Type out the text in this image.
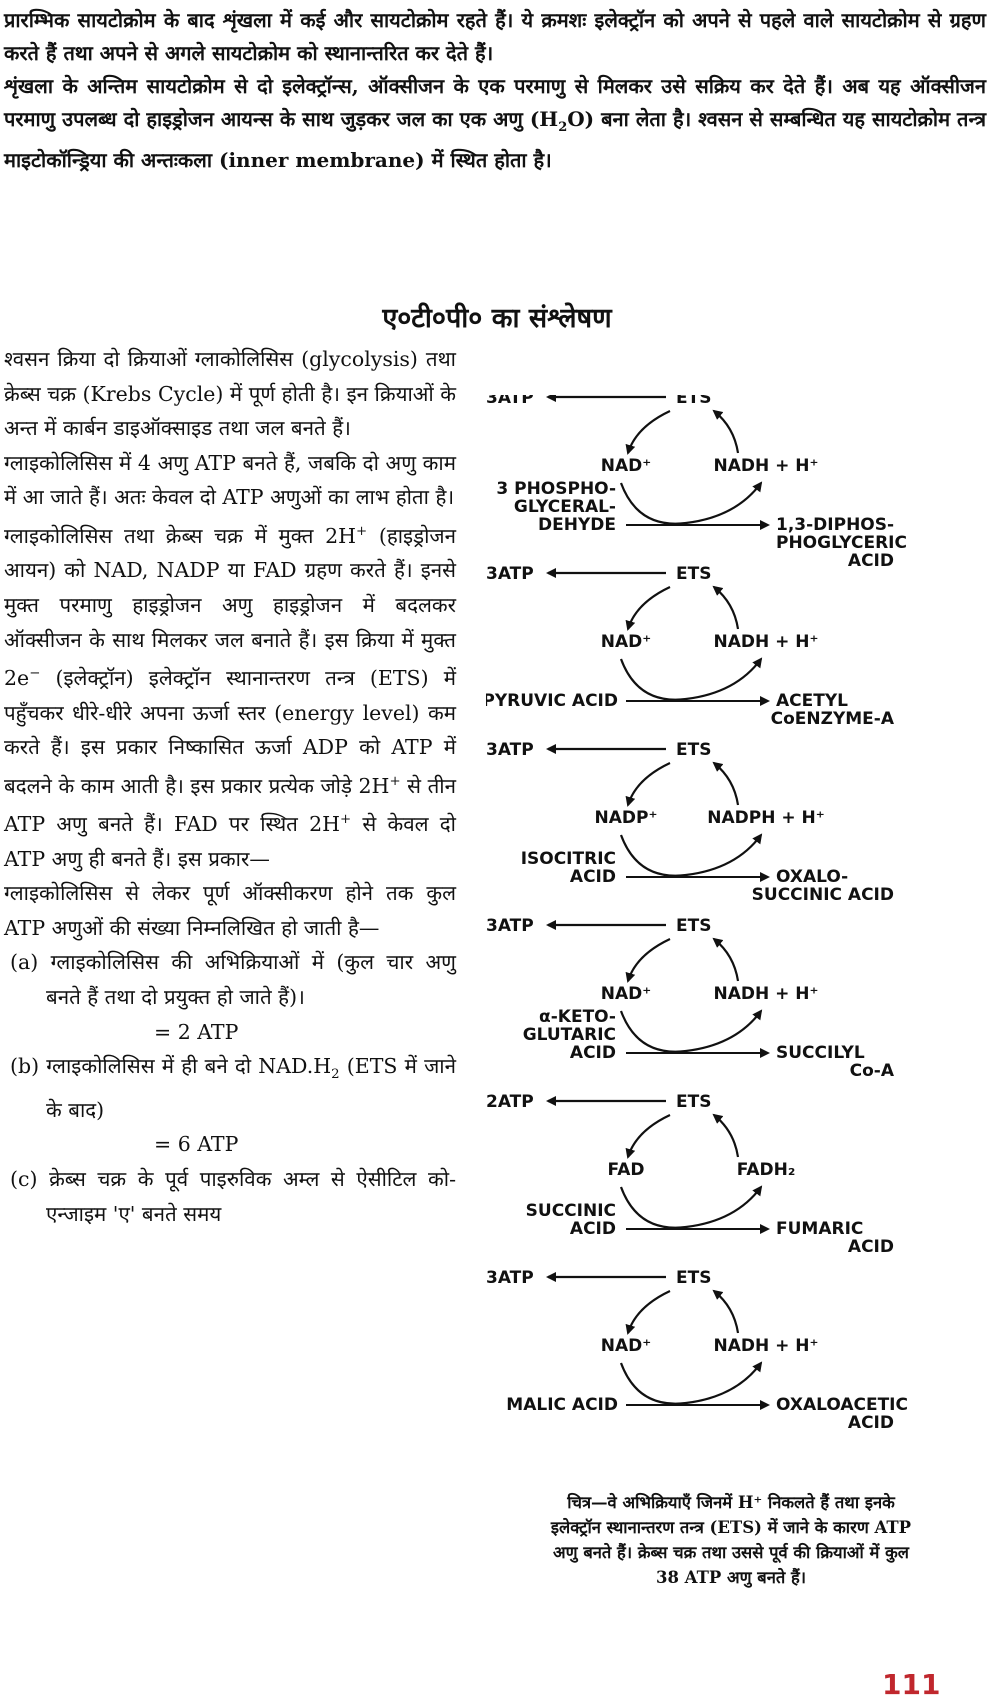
प्रारम्भिक सायटोक्रोम के बाद शृंखला में कई और सायटोक्रोम रहते हैं। ये क्रमशः इलेक्ट्रॉन को अपने से पहले वाले सायटोक्रोम से ग्रहण करते हैं तथा अपने से अगले सायटोक्रोम को स्थानान्तरित कर देते हैं।

शृंखला के अन्तिम सायटोक्रोम से दो इलेक्ट्रॉन्स, ऑक्सीजन के एक परमाणु से मिलकर उसे सक्रिय कर देते हैं। अब यह ऑक्सीजन परमाणु उपलब्ध दो हाइड्रोजन आयन्स के साथ जुड़कर जल का एक अणु $(H_2O)$ बना लेता है। श्वसन से सम्बन्धित यह सायटोक्रोम तन्त्र माइटोकॉन्ड्रिया की अन्तःकला (inner membrane) में स्थित होता है।

ए०टी०पी० का संश्लेषण

श्वसन क्रिया दो क्रियाओं ग्लाकोलिसिस (glycolysis) तथा क्रेब्स चक्र (Krebs Cycle) में पूर्ण होती है। इन क्रियाओं के अन्त में कार्बन डाइऑक्साइड तथा जल बनते हैं।

ग्लाइकोलिसिस में 4 अणु ATP बनते हैं, जबकि दो अणु काम में आ जाते हैं। अतः केवल दो ATP अणुओं का लाभ होता है।

ग्लाइकोलिसिस तथा क्रेब्स चक्र में मुक्त 2H+ (हाइड्रोजन आयन) को NAD, NADP या FAD ग्रहण करते हैं। इनसे मुक्त परमाणु हाइड्रोजन अणु हाइड्रोजन में बदलकर ऑक्सीजन के साथ मिलकर जल बनाते हैं। इस क्रिया में मुक्त 2e− (इलेक्ट्रॉन) इलेक्ट्रॉन स्थानान्तरण तन्त्र (ETS) में पहुँचकर धीरे-धीरे अपना ऊर्जा स्तर (energy level) कम करते हैं। इस प्रकार निष्कासित ऊर्जा ADP को ATP में बदलने के काम आती है। इस प्रकार प्रत्येक जोड़े 2H+ से तीन ATP अणु बनते हैं। FAD पर स्थित 2H+ से केवल दो ATP अणु ही बनते हैं। इस प्रकार—

ग्लाइकोलिसिस से लेकर पूर्ण ऑक्सीकरण होने तक कुल ATP अणुओं की संख्या निम्नलिखित हो जाती है—

(a) ग्लाइकोलिसिस की अभिक्रियाओं में (कुल चार अणु बनते हैं तथा दो प्रयुक्त हो जाते हैं)।

= 2 ATP

(b) ग्लाइकोलिसिस में ही बने दो $NAD.H_2$ (ETS में जाने के बाद)

= 6 ATP

(c) क्रेब्स चक्र के पूर्व पाइरुविक अम्ल से ऐसीटिल को-एन्जाइम 'ए' बनते समय

3ATP	ETS
NAD⁺	NADH + H⁺
3 PHOSPHO-
GLYCERAL-
DEHYDE	1,3-DIPHOS-
PHOGLYCERIC
ACID
3ATP	ETS
NAD⁺	NADH + H⁺
PYRUVIC ACID	ACETYL
CoENZYME-A
3ATP	ETS
NADP⁺	NADPH + H⁺
ISOCITRIC
ACID	OXALO-
SUCCINIC ACID
3ATP	ETS
NAD⁺	NADH + H⁺
α-KETO-
GLUTARIC
ACID	SUCCILYL
Co-A
2ATP	ETS
FAD	FADH₂
SUCCINIC
ACID	FUMARIC
ACID
3ATP	ETS
NAD⁺	NADH + H⁺
MALIC ACID	OXALOACETIC
ACID

चित्र—वे अभिक्रियाएँ जिनमें H⁺ निकलते हैं तथा इनके

इलेक्ट्रॉन स्थानान्तरण तन्त्र (ETS) में जाने के कारण ATP

अणु बनते हैं। क्रेब्स चक्र तथा उससे पूर्व की क्रियाओं में कुल

38 ATP अणु बनते हैं।

111
